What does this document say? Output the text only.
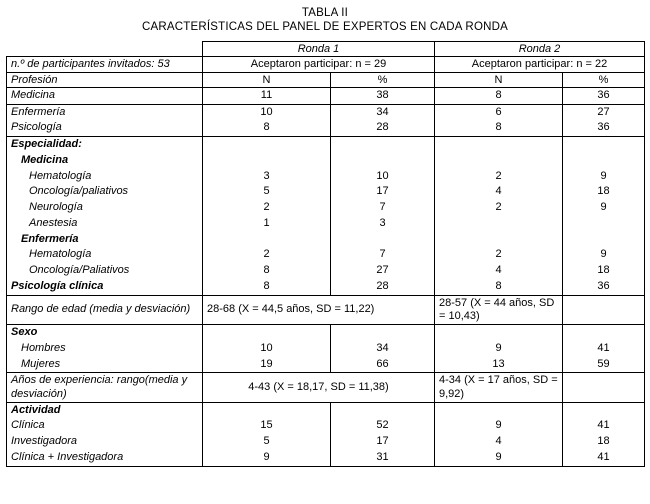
TABLA II
CARACTERÍSTICAS DEL PANEL DE EXPERTOS EN CADA RONDA
	Ronda 1		Ronda 2	
n.º de participantes invitados: 53	Aceptaron participar: n = 29		Aceptaron participar: n = 22	
Profesión	N	%	N	%
Medicina	11	38	8	36
Enfermería	10	34	6	27
Psicología	8	28	8	36
Especialidad:				
Medicina				
Hematología	3	10	2	9
Oncología/paliativos	5	17	4	18
Neurología	2	7	2	9
Anestesia	1	3		
Enfermería				
Hematología	2	7	2	9
Oncología/Paliativos	8	27	4	18
Psicología clínica	8	28	8	36
Rango de edad (media y desviación)	28-68 (X = 44,5 años, SD = 11,22)		28-57 (X = 44 años, SD = 10,43)	
Sexo				
Hombres	10	34	9	41
Mujeres	19	66	13	59
Años de experiencia: rango(media y desviación)	4-43 (X = 18,17, SD = 11,38)		4-34 (X = 17 años, SD = 9,92)	
Actividad				
Clínica	15	52	9	41
Investigadora	5	17	4	18
Clínica + Investigadora	9	31	9	41
